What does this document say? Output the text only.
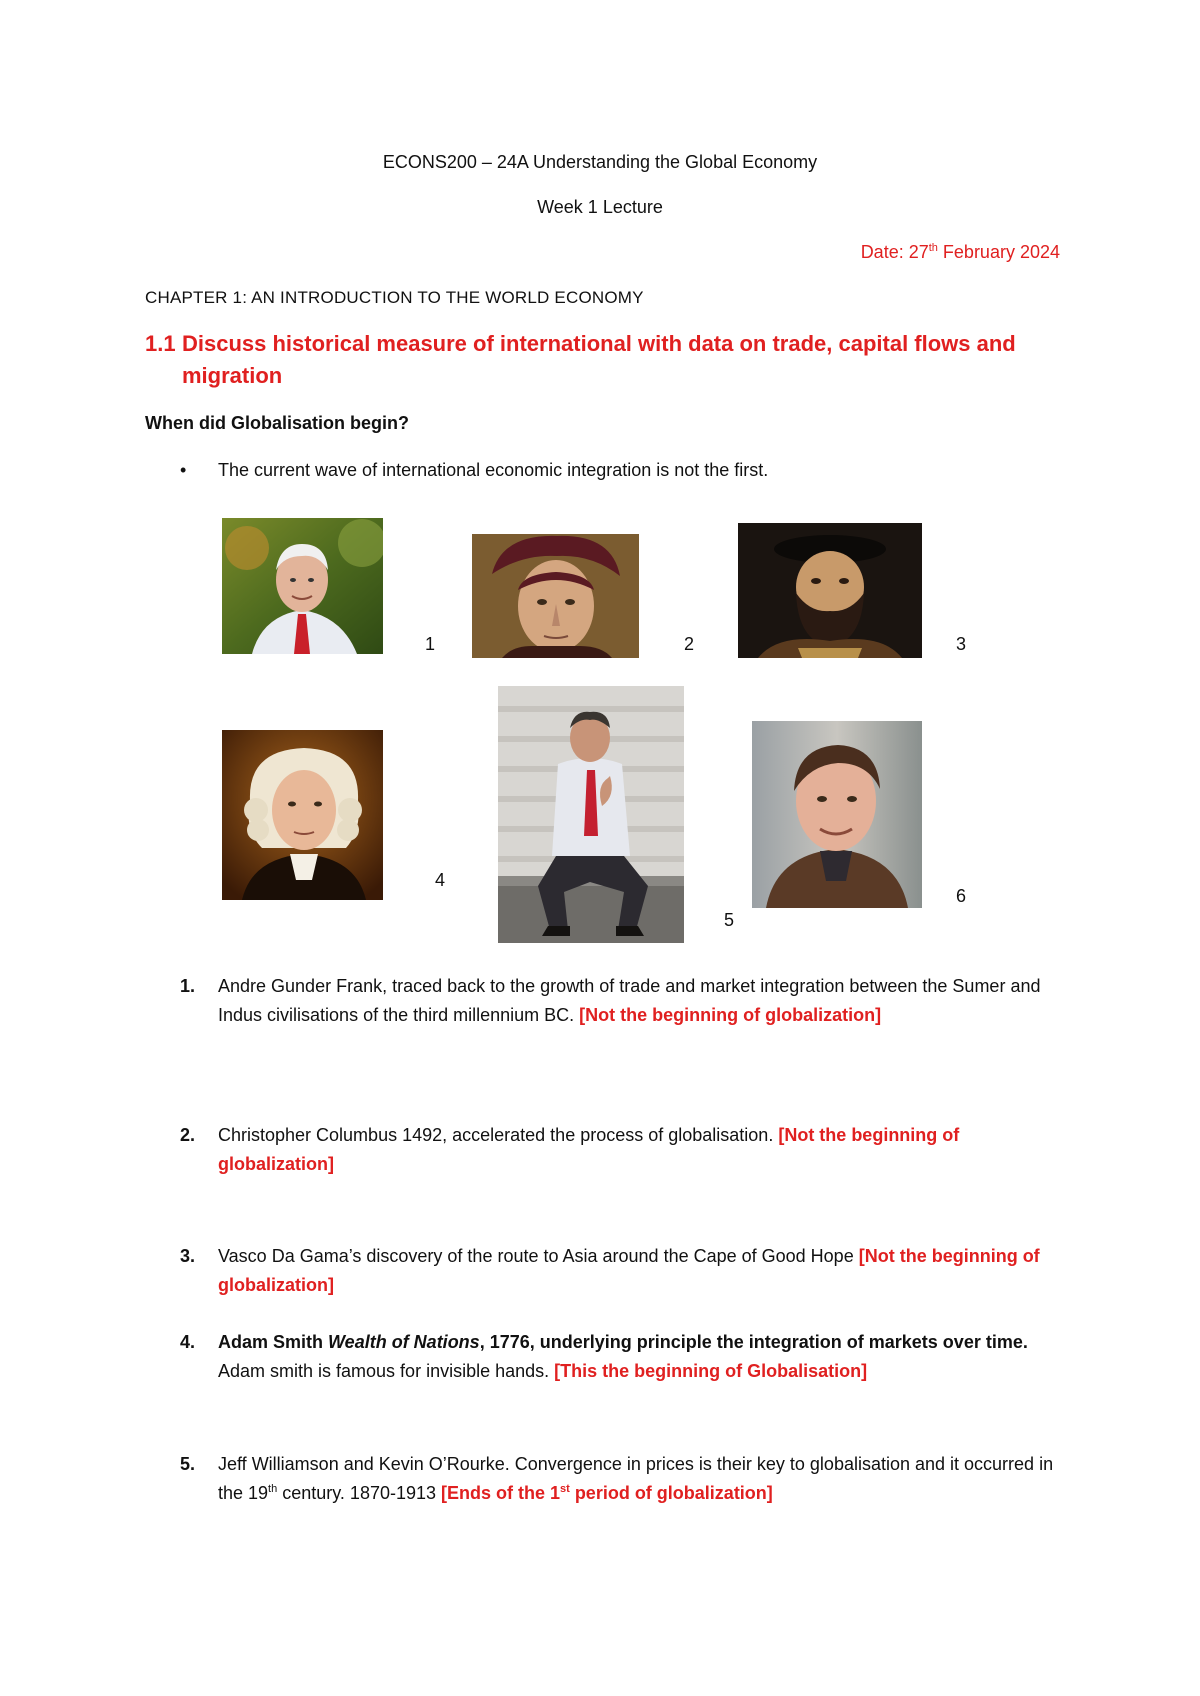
ECONS200 – 24A Understanding the Global Economy
Week 1 Lecture
Date: 27th February 2024
CHAPTER 1: AN INTRODUCTION TO THE WORLD ECONOMY
1.1 Discuss historical measure of international with data on trade, capital flows and
migration
When did Globalisation begin?
•	The current wave of international economic integration is not the first.
1	2	3
4
5
6
1. Andre Gunder Frank, traced back to the growth of trade and market integration between the Sumer and Indus civilisations of the third millennium BC. [Not the beginning of globalization]
2. Christopher Columbus 1492, accelerated the process of globalisation. [Not the beginning of globalization]
3. Vasco Da Gama’s discovery of the route to Asia around the Cape of Good Hope [Not the beginning of globalization]
4. Adam Smith Wealth of Nations, 1776, underlying principle the integration of markets over time. Adam smith is famous for invisible hands. [This the beginning of Globalisation]
5. Jeff Williamson and Kevin O’Rourke. Convergence in prices is their key to globalisation and it occurred in the 19th century. 1870-1913 [Ends of the 1st period of globalization]
